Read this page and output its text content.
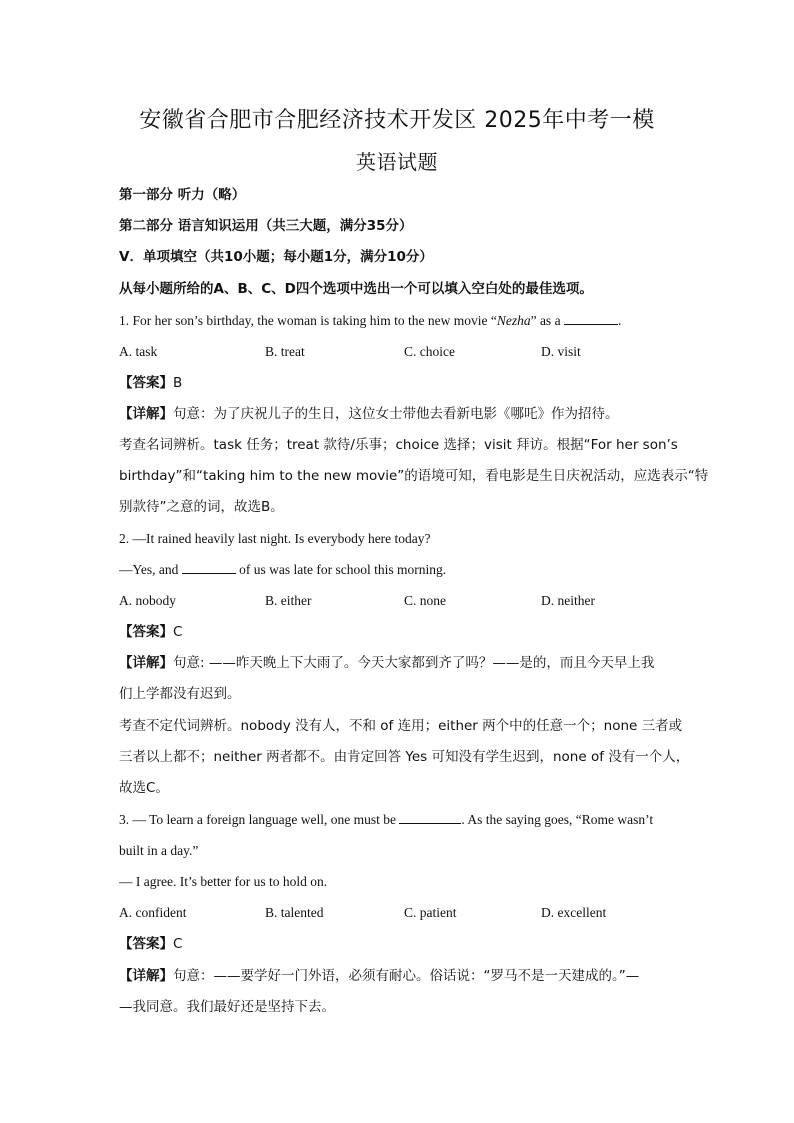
安徽省合肥市合肥经济技术开发区 2025年中考一模
英语试题
第一部分 听力（略）
第二部分 语言知识运用（共三大题，满分35分）
V．单项填空（共10小题；每小题1分，满分10分）
从每小题所给的A、B、C、D四个选项中选出一个可以填入空白处的最佳选项。
1. For her son’s birthday, the woman is taking him to the new movie “Nezha” as a	.
A. task	B. treat	C. choice	D. visit
【答案】B
【详解】句意：为了庆祝儿子的生日，这位女士带他去看新电影《哪吒》作为招待。
考查名词辨析。task 任务；treat 款待/乐事；choice 选择；visit 拜访。根据“For her son’s
birthday”和“taking him to the new movie”的语境可知，看电影是生日庆祝活动，应选表示“特
别款待”之意的词，故选B。
2. —It rained heavily last night. Is everybody here today?
—Yes, and	of us was late for school this morning.
A. nobody	B. either	C. none	D. neither
【答案】C
【详解】句意: ——昨天晚上下大雨了。今天大家都到齐了吗？——是的，而且今天早上我
们上学都没有迟到。
考查不定代词辨析。nobody 没有人，不和 of 连用；either 两个中的任意一个；none 三者或
三者以上都不；neither 两者都不。由肯定回答 Yes 可知没有学生迟到，none of 没有一个人，
故选C。
3. — To learn a foreign language well, one must be	. As the saying goes, “Rome wasn’t
built in a day.”
— I agree. It’s better for us to hold on.
A. confident	B. talented	C. patient	D. excellent
【答案】C
【详解】句意：——要学好一门外语，必须有耐心。俗话说：“罗马不是一天建成的。”—
—我同意。我们最好还是坚持下去。
